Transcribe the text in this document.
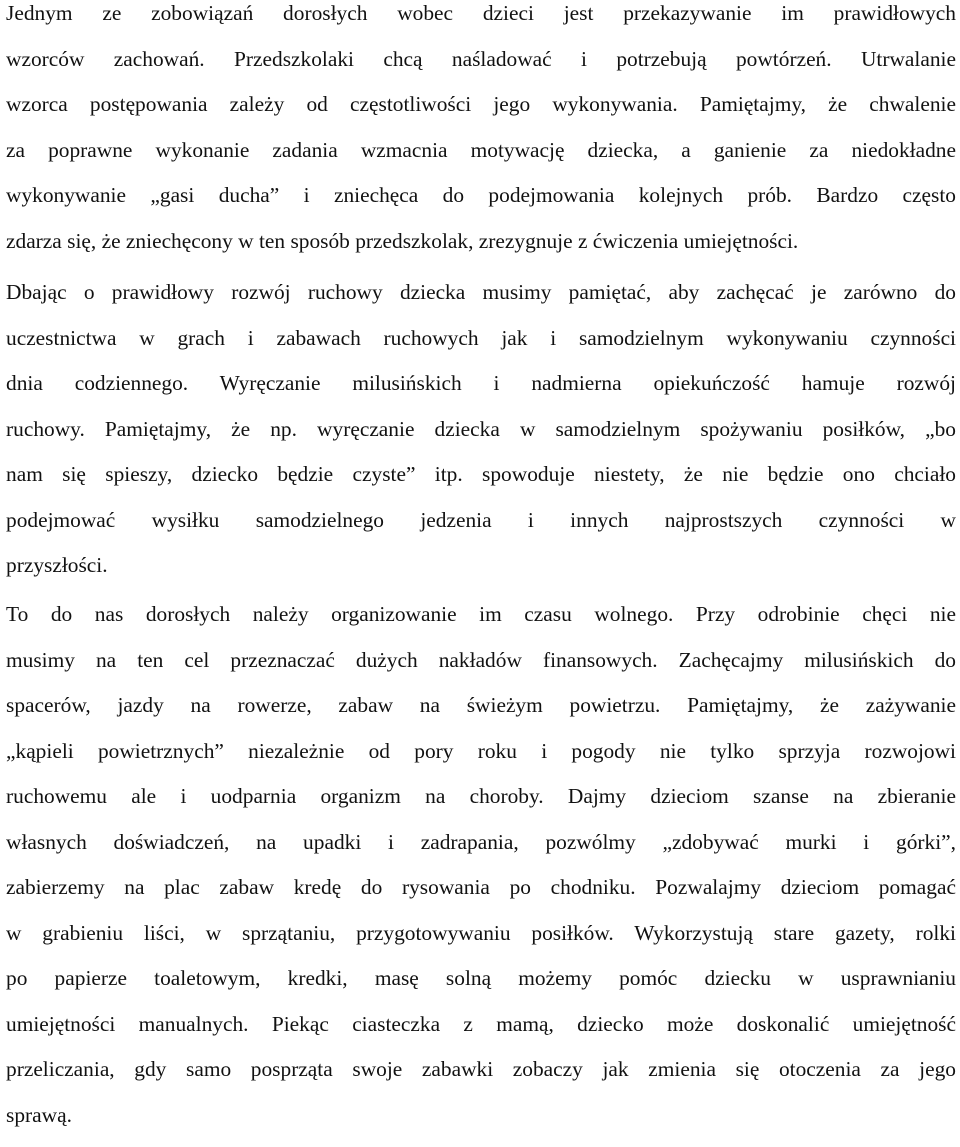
Jednym ze zobowiązań dorosłych wobec dzieci jest przekazywanie im prawidłowych
wzorców zachowań. Przedszkolaki chcą naśladować i potrzebują powtórzeń. Utrwalanie
wzorca postępowania zależy od częstotliwości jego wykonywania. Pamiętajmy, że chwalenie
za poprawne wykonanie zadania wzmacnia motywację dziecka, a ganienie za niedokładne
wykonywanie „gasi ducha” i zniechęca do podejmowania kolejnych prób. Bardzo często
zdarza się, że zniechęcony w ten sposób przedszkolak, zrezygnuje z ćwiczenia umiejętności.
Dbając o prawidłowy rozwój ruchowy dziecka musimy pamiętać, aby zachęcać je zarówno do
uczestnictwa w grach i zabawach ruchowych jak i samodzielnym wykonywaniu czynności
dnia codziennego. Wyręczanie milusińskich i nadmierna opiekuńczość hamuje rozwój
ruchowy. Pamiętajmy, że np. wyręczanie dziecka w samodzielnym spożywaniu posiłków, „bo
nam się spieszy, dziecko będzie czyste” itp. spowoduje niestety, że nie będzie ono chciało
podejmować wysiłku samodzielnego jedzenia i innych najprostszych czynności w
przyszłości.
To do nas dorosłych należy organizowanie im czasu wolnego. Przy odrobinie chęci nie
musimy na ten cel przeznaczać dużych nakładów finansowych. Zachęcajmy milusińskich do
spacerów, jazdy na rowerze, zabaw na świeżym powietrzu. Pamiętajmy, że zażywanie
„kąpieli powietrznych” niezależnie od pory roku i pogody nie tylko sprzyja rozwojowi
ruchowemu ale i uodparnia organizm na choroby. Dajmy dzieciom szanse na zbieranie
własnych doświadczeń, na upadki i zadrapania, pozwólmy „zdobywać murki i górki”,
zabierzemy na plac zabaw kredę do rysowania po chodniku. Pozwalajmy dzieciom pomagać
w grabieniu liści, w sprzątaniu, przygotowywaniu posiłków. Wykorzystują stare gazety, rolki
po papierze toaletowym, kredki, masę solną możemy pomóc dziecku w usprawnianiu
umiejętności manualnych. Piekąc ciasteczka z mamą, dziecko może doskonalić umiejętność
przeliczania, gdy samo posprząta swoje zabawki zobaczy jak zmienia się otoczenia za jego
sprawą.
